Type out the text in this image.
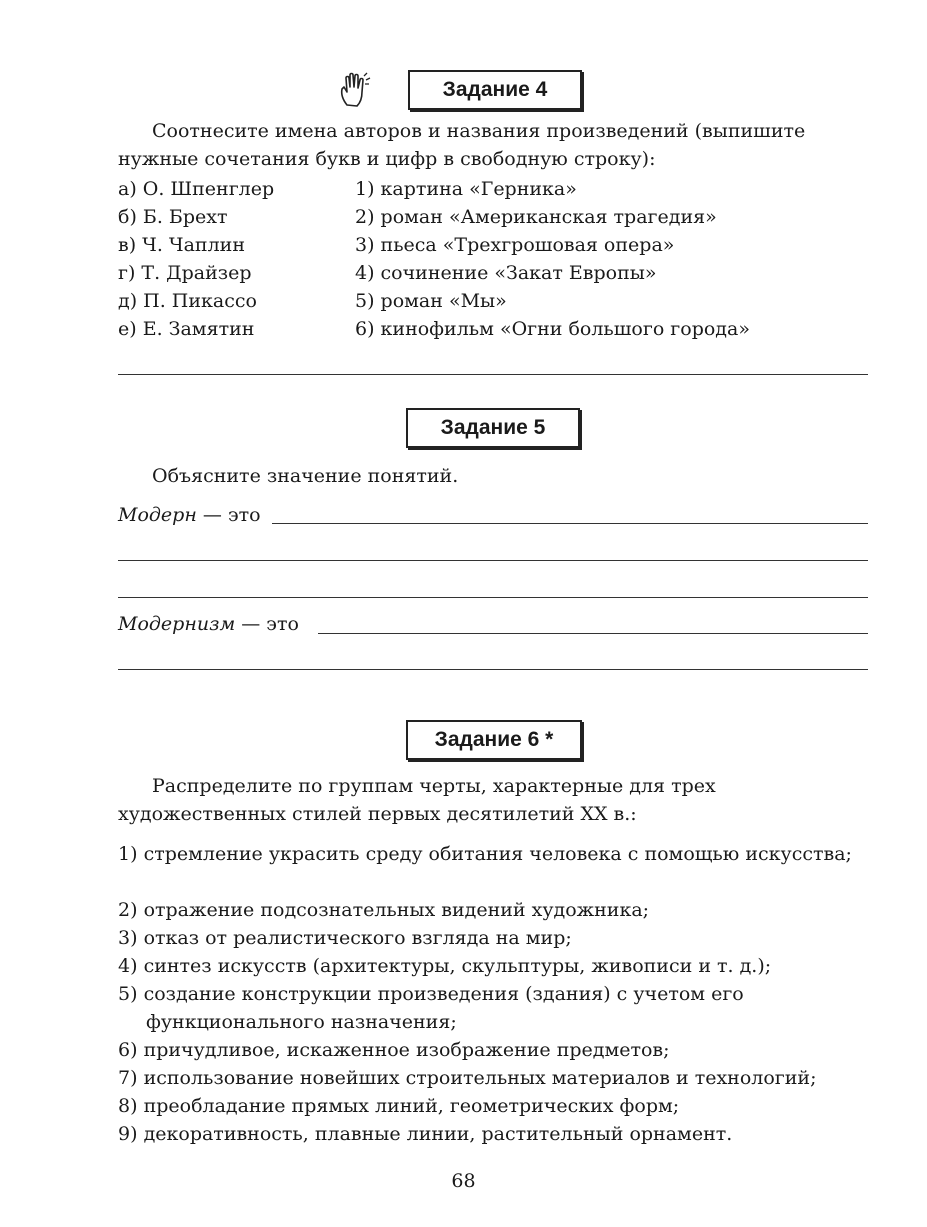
Задание 4
Соотнесите имена авторов и названия произведений (выпишите нужные сочетания букв и цифр в свободную строку):
а) О. Шпенглер
б) Б. Брехт
в) Ч. Чаплин
г) Т. Драйзер
д) П. Пикассо
е) Е. Замятин
1) картина «Герника»
2) роман «Американская трагедия»
3) пьеса «Трехгрошовая опера»
4) сочинение «Закат Европы»
5) роман «Мы»
6) кинофильм «Огни большого города»
Задание 5
Объясните значение понятий.
Модерн — это
Модернизм — это
Задание 6 *
Распределите по группам черты, характерные для трех художественных стилей первых десятилетий XX в.:
1) стремление украсить среду обитания человека с помощью искусства;
2) отражение подсознательных видений художника;
3) отказ от реалистического взгляда на мир;
4) синтез искусств (архитектуры, скульптуры, живописи и т. д.);
5) создание конструкции произведения (здания) с учетом его функционального назначения;
6) причудливое, искаженное изображение предметов;
7) использование новейших строительных материалов и технологий;
8) преобладание прямых линий, геометрических форм;
9) декоративность, плавные линии, растительный орнамент.
68
